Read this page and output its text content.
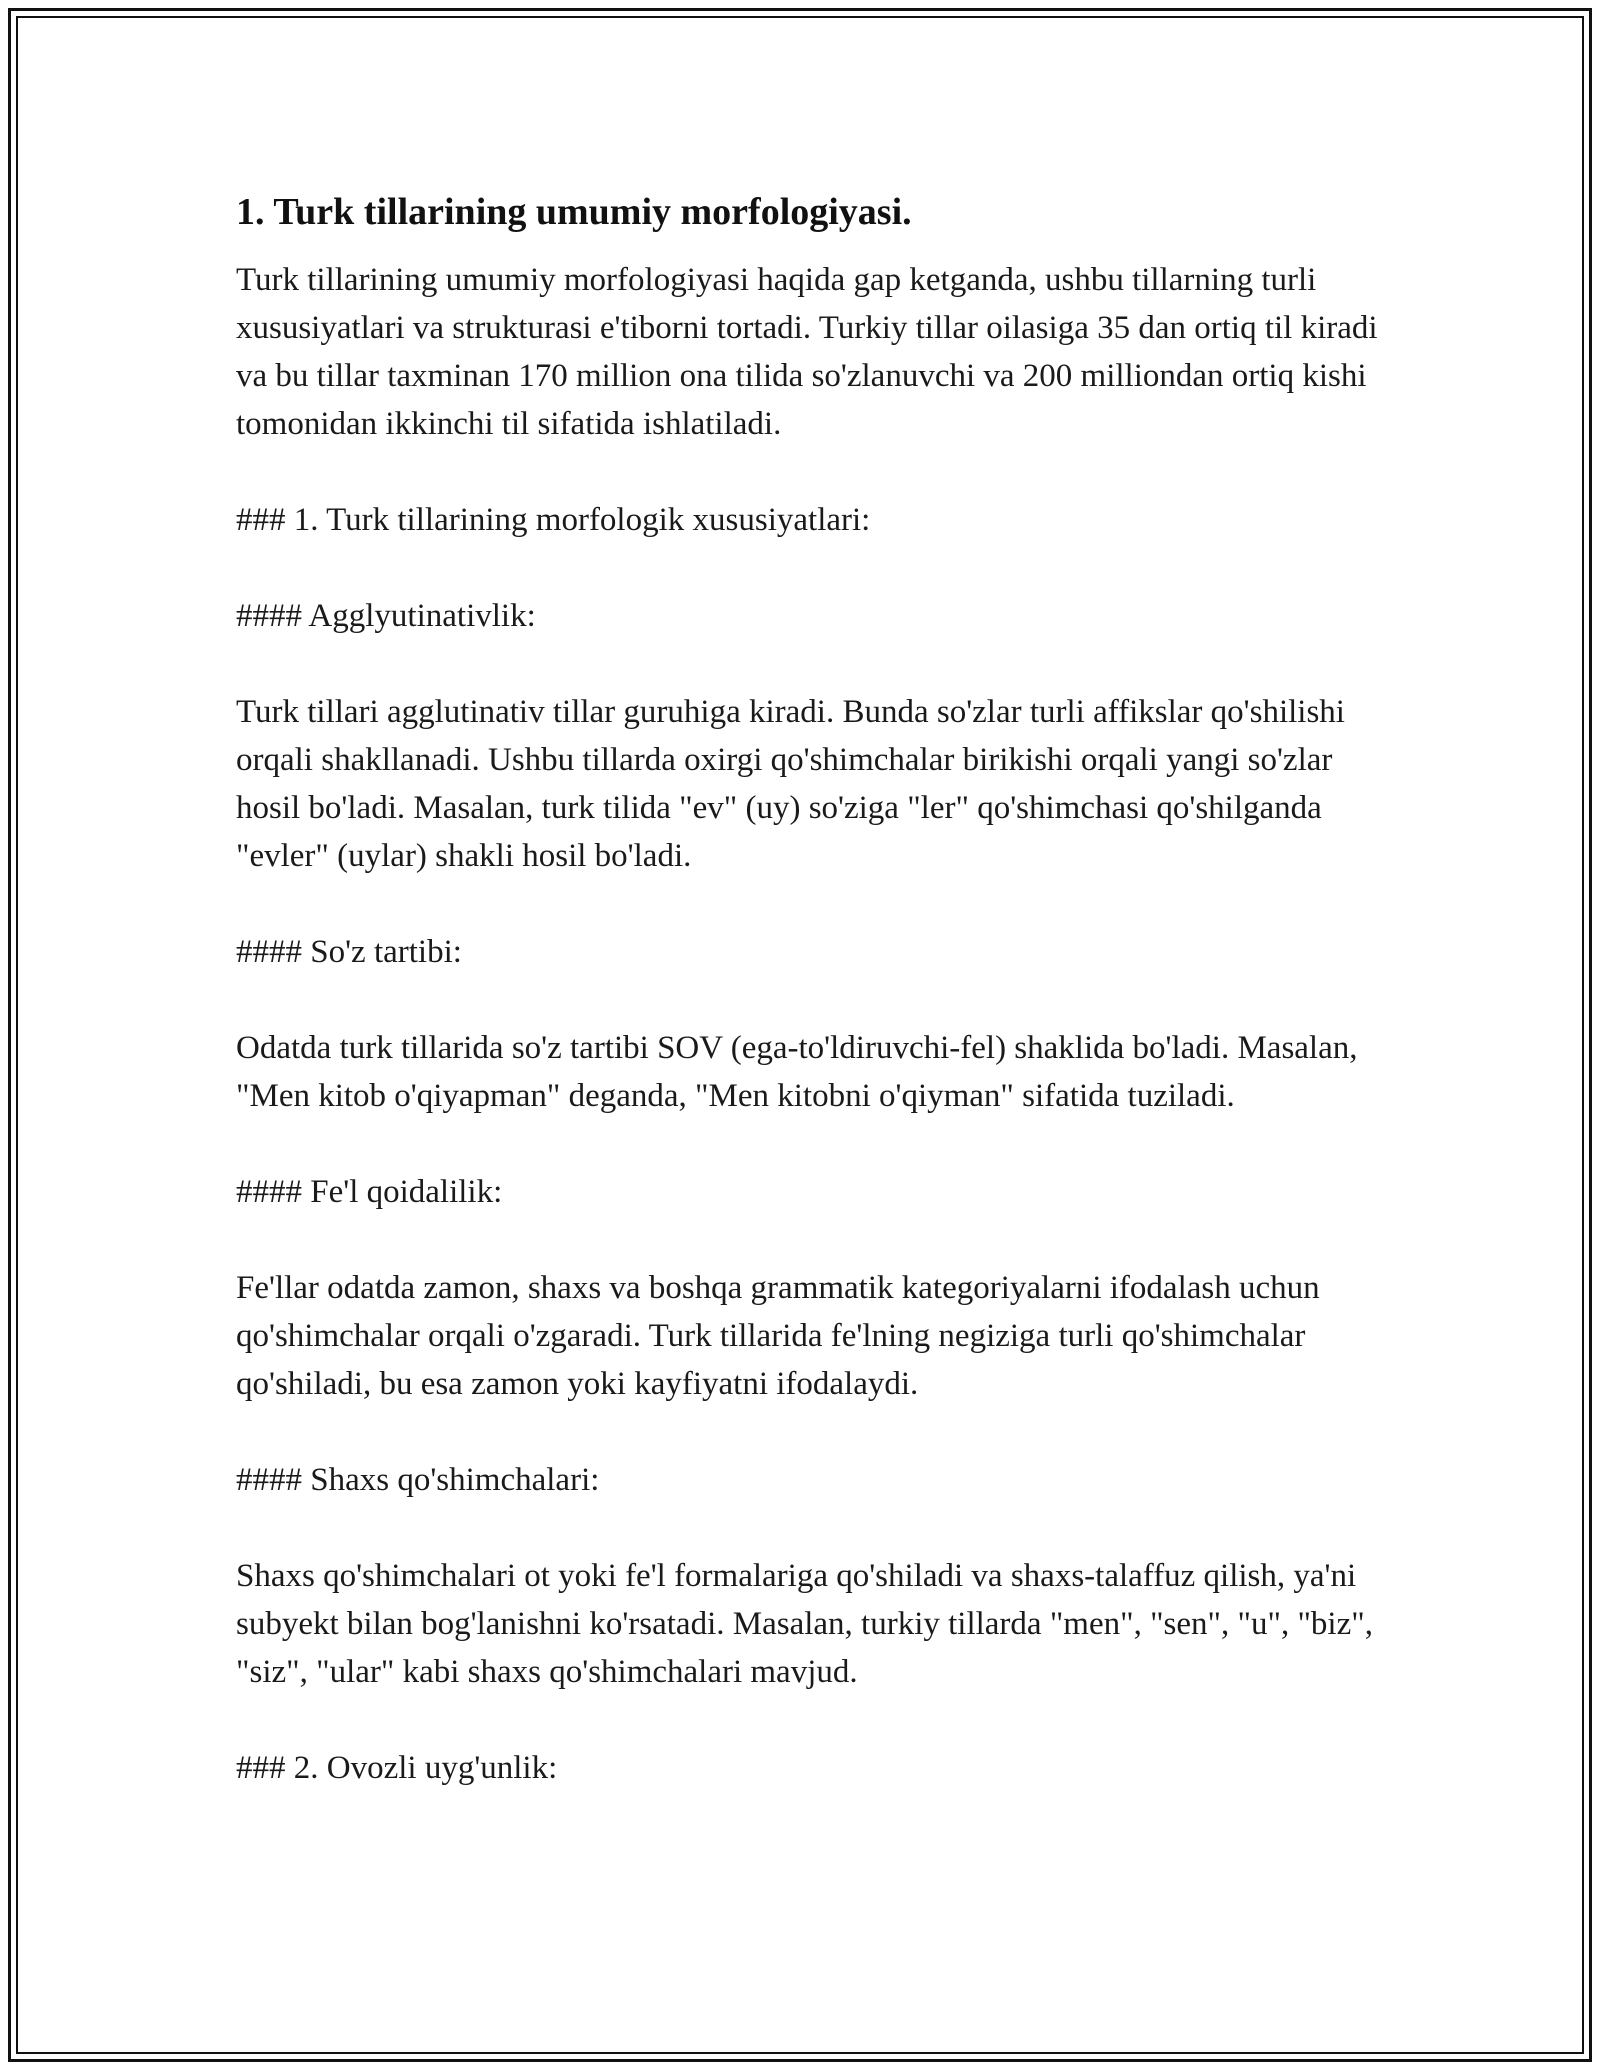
1. Turk tillarining umumiy morfologiyasi.

Turk tillarining umumiy morfologiyasi haqida gap ketganda, ushbu tillarning turli xususiyatlari va strukturasi e'tiborni tortadi. Turkiy tillar oilasiga 35 dan ortiq til kiradi va bu tillar taxminan 170 million ona tilida so'zlanuvchi va 200 milliondan ortiq kishi tomonidan ikkinchi til sifatida ishlatiladi.

### 1. Turk tillarining morfologik xususiyatlari:

#### Agglyutinativlik:

Turk tillari agglutinativ tillar guruhiga kiradi. Bunda so'zlar turli affikslar qo'shilishi orqali shakllanadi. Ushbu tillarda oxirgi qo'shimchalar birikishi orqali yangi so'zlar hosil bo'ladi. Masalan, turk tilida "ev" (uy) so'ziga "ler" qo'shimchasi qo'shilganda "evler" (uylar) shakli hosil bo'ladi.

#### So'z tartibi:

Odatda turk tillarida so'z tartibi SOV (ega-to'ldiruvchi-fel) shaklida bo'ladi. Masalan, "Men kitob o'qiyapman" deganda, "Men kitobni o'qiyman" sifatida tuziladi.

#### Fe'l qoidalilik:

Fe'llar odatda zamon, shaxs va boshqa grammatik kategoriyalarni ifodalash uchun qo'shimchalar orqali o'zgaradi. Turk tillarida fe'lning negiziga turli qo'shimchalar qo'shiladi, bu esa zamon yoki kayfiyatni ifodalaydi.

#### Shaxs qo'shimchalari:

Shaxs qo'shimchalari ot yoki fe'l formalariga qo'shiladi va shaxs-talaffuz qilish, ya'ni subyekt bilan bog'lanishni ko'rsatadi. Masalan, turkiy tillarda "men", "sen", "u", "biz", "siz", "ular" kabi shaxs qo'shimchalari mavjud.

### 2. Ovozli uyg'unlik:
